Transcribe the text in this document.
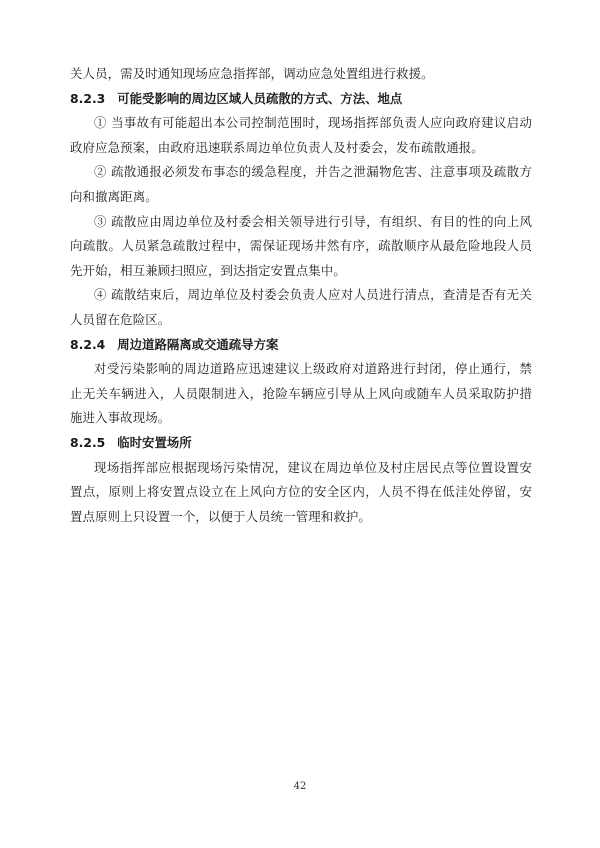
关人员，需及时通知现场应急指挥部，调动应急处置组进行救援。

8.2.3 可能受影响的周边区域人员疏散的方式、方法、地点

① 当事故有可能超出本公司控制范围时，现场指挥部负责人应向政府建议启动政府应急预案，由政府迅速联系周边单位负责人及村委会，发布疏散通报。

② 疏散通报必须发布事态的缓急程度，并告之泄漏物危害、注意事项及疏散方向和撤离距离。

③ 疏散应由周边单位及村委会相关领导进行引导，有组织、有目的性的向上风向疏散。人员紧急疏散过程中，需保证现场井然有序，疏散顺序从最危险地段人员先开始，相互兼顾扫照应，到达指定安置点集中。

④ 疏散结束后，周边单位及村委会负责人应对人员进行清点，查清是否有无关人员留在危险区。

8.2.4 周边道路隔离或交通疏导方案

对受污染影响的周边道路应迅速建议上级政府对道路进行封闭，停止通行，禁止无关车辆进入，人员限制进入，抢险车辆应引导从上风向或随车人员采取防护措施进入事故现场。

8.2.5 临时安置场所

现场指挥部应根据现场污染情况，建议在周边单位及村庄居民点等位置设置安置点，原则上将安置点设立在上风向方位的安全区内，人员不得在低洼处停留，安置点原则上只设置一个，以便于人员统一管理和救护。

42
